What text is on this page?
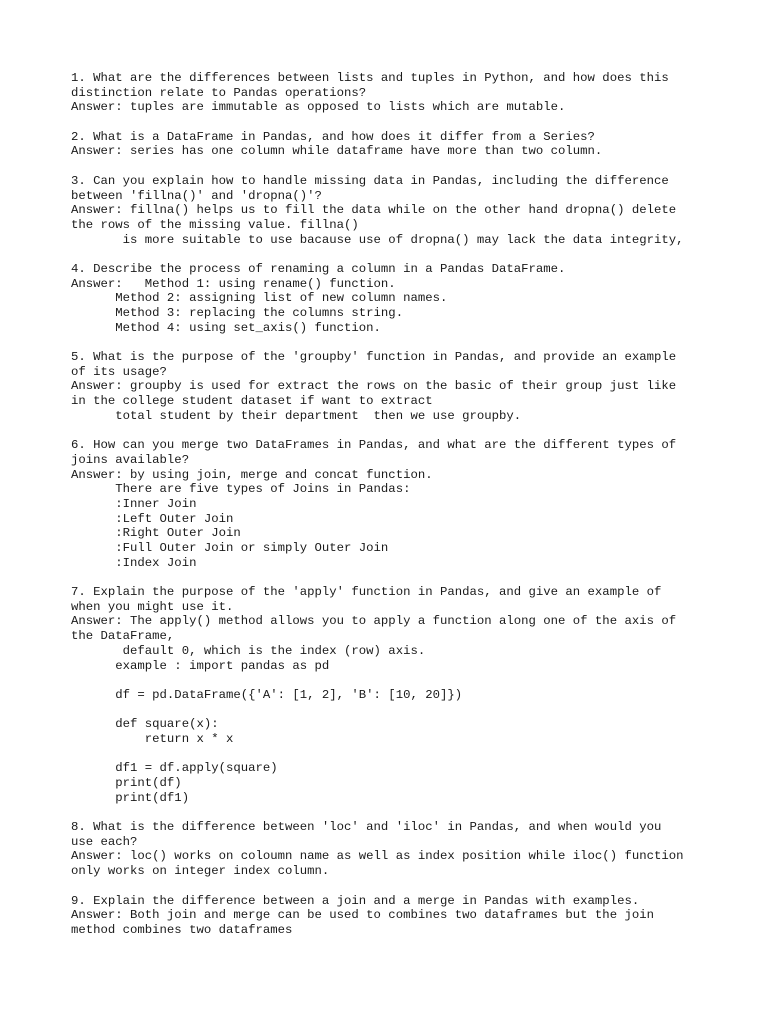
1. What are the differences between lists and tuples in Python, and how does this
distinction relate to Pandas operations?
Answer: tuples are immutable as opposed to lists which are mutable.
2. What is a DataFrame in Pandas, and how does it differ from a Series?
Answer: series has one column while dataframe have more than two column.
3. Can you explain how to handle missing data in Pandas, including the difference
between 'fillna()' and 'dropna()'?
Answer: fillna() helps us to fill the data while on the other hand dropna() delete
the rows of the missing value. fillna()
is more suitable to use bacause use of dropna() may lack the data integrity,
4. Describe the process of renaming a column in a Pandas DataFrame.
Answer:   Method 1: using rename() function.
Method 2: assigning list of new column names.
Method 3: replacing the columns string.
Method 4: using set_axis() function.
5. What is the purpose of the 'groupby' function in Pandas, and provide an example
of its usage?
Answer: groupby is used for extract the rows on the basic of their group just like
in the college student dataset if want to extract
total student by their department  then we use groupby.
6. How can you merge two DataFrames in Pandas, and what are the different types of
joins available?
Answer: by using join, merge and concat function.
There are five types of Joins in Pandas:
:Inner Join
:Left Outer Join
:Right Outer Join
:Full Outer Join or simply Outer Join
:Index Join
7. Explain the purpose of the 'apply' function in Pandas, and give an example of
when you might use it.
Answer: The apply() method allows you to apply a function along one of the axis of
the DataFrame,
default 0, which is the index (row) axis.
example : import pandas as pd
df = pd.DataFrame({'A': [1, 2], 'B': [10, 20]})
def square(x):
return x * x
df1 = df.apply(square)
print(df)
print(df1)
8. What is the difference between 'loc' and 'iloc' in Pandas, and when would you
use each?
Answer: loc() works on coloumn name as well as index position while iloc() function
only works on integer index column.
9. Explain the difference between a join and a merge in Pandas with examples.
Answer: Both join and merge can be used to combines two dataframes but the join
method combines two dataframes
